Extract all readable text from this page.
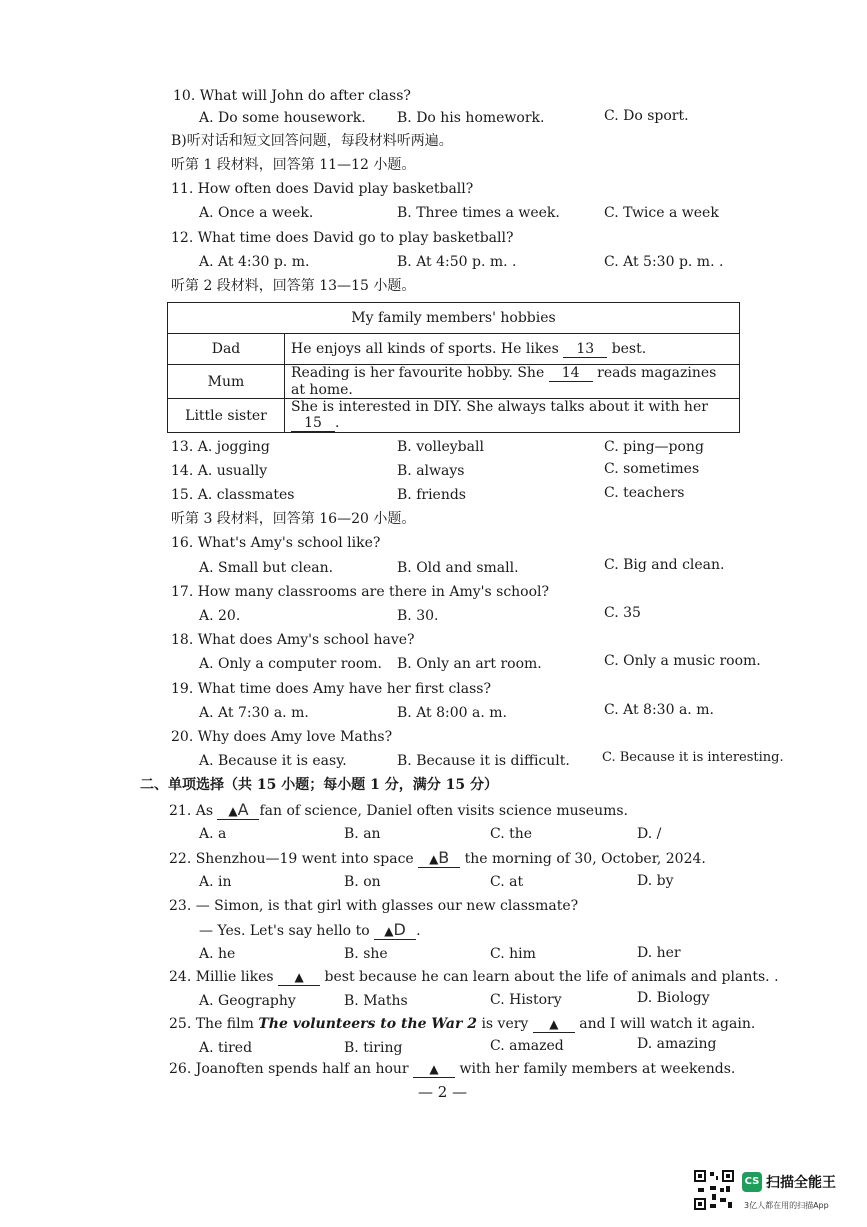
10. What will John do after class?
A. Do some housework. B. Do his homework.	C. Do sport.
B)听对话和短文回答问题，每段材料听两遍。
听第 1 段材料，回答第 11—12 小题。
11. How often does David play basketball?
A. Once a week.	B. Three times a week.	C. Twice a week
12. What time does David go to play basketball?
A. At 4:30 p. m.	B. At 4:50 p. m. .	C. At 5:30 p. m. .
听第 2 段材料，回答第 13—15 小题。
My family members' hobbies	
Dad	He enjoys all kinds of sports. He likes 13 best.
Mum	Reading is her favourite hobby. She 14 reads magazines at home.
Little sister	She is interested in DIY. She always talks about it with her 15 .
13. A. jogging	B. volleyball	C. ping—pong
14. A. usually	B. always	C. sometimes
15. A. classmates	B. friends	C. teachers
听第 3 段材料，回答第 16—20 小题。
16. What's Amy's school like?
A. Small but clean.	B. Old and small.	C. Big and clean.
17. How many classrooms are there in Amy's school?
A. 20.	B. 30.	C. 35
18. What does Amy's school have?
A. Only a computer room. B. Only an art room.	C. Only a music room.
19. What time does Amy have her first class?
A. At 7:30 a. m.	B. At 8:00 a. m.	C. At 8:30 a. m.
20. Why does Amy love Maths?
A. Because it is easy.	B. Because it is difficult. C. Because it is interesting.
二、单项选择（共 15 小题；每小题 1 分，满分 15 分）
21. As ▲A fan of science, Daniel often visits science museums.
A. a	B. an	C. the	D. /
22. Shenzhou—19 went into space ▲B the morning of 30, October, 2024.
A. in	B. on	C. at	D. by
23. — Simon, is that girl with glasses our new classmate?
— Yes. Let's say hello to ▲D .
A. he	B. she	C. him	D. her
24. Millie likes ▲ best because he can learn about the life of animals and plants. .
A. Geography	B. Maths	C. History	D. Biology
25. The film The volunteers to the War 2 is very ▲ and I will watch it again.
A. tired	B. tiring	C. amazed	D. amazing
26. Joanoften spends half an hour ▲ with her family members at weekends.
— 2 —
CS 扫描全能王
3亿人都在用的扫描App
